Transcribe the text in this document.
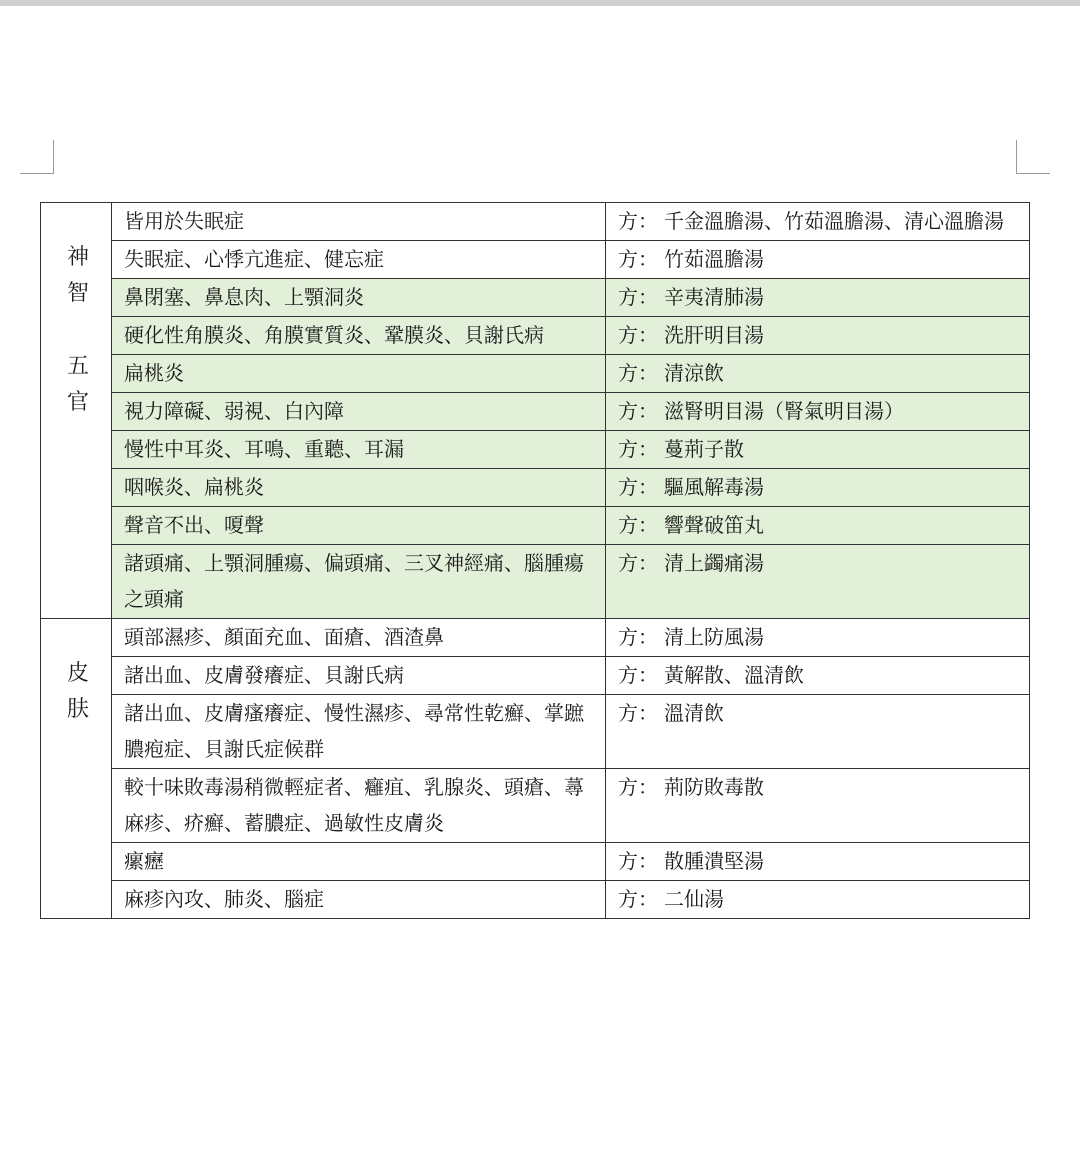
神
智
五
官	皆用於失眠症	方： 千金溫膽湯、竹茹溫膽湯、清心溫膽湯
	失眠症、心悸亢進症、健忘症	方： 竹茹溫膽湯
	鼻閉塞、鼻息肉、上顎洞炎	方： 辛夷清肺湯
	硬化性角膜炎、角膜實質炎、鞏膜炎、貝謝氏病	方： 洗肝明目湯
	扁桃炎	方： 清涼飲
	視力障礙、弱視、白內障	方： 滋腎明目湯（腎氣明目湯）
	慢性中耳炎、耳鳴、重聽、耳漏	方： 蔓荊子散
	咽喉炎、扁桃炎	方： 驅風解毒湯
	聲音不出、嗄聲	方： 響聲破笛丸
	諸頭痛、上顎洞腫瘍、偏頭痛、三叉神經痛、腦腫瘍之頭痛	方： 清上蠲痛湯

皮
肤	頭部濕疹、顏面充血、面瘡、酒渣鼻	方： 清上防風湯
	諸出血、皮膚發癢症、貝謝氏病	方： 黃解散、溫清飲
	諸出血、皮膚瘙癢症、慢性濕疹、尋常性乾癬、掌蹠膿疱症、貝謝氏症候群	方： 溫清飲
	較十味敗毒湯稍微輕症者、癰疽、乳腺炎、頭瘡、蕁麻疹、疥癬、蓄膿症、過敏性皮膚炎	方： 荊防敗毒散
	瘰癧	方： 散腫潰堅湯
	麻疹內攻、肺炎、腦症	方： 二仙湯
